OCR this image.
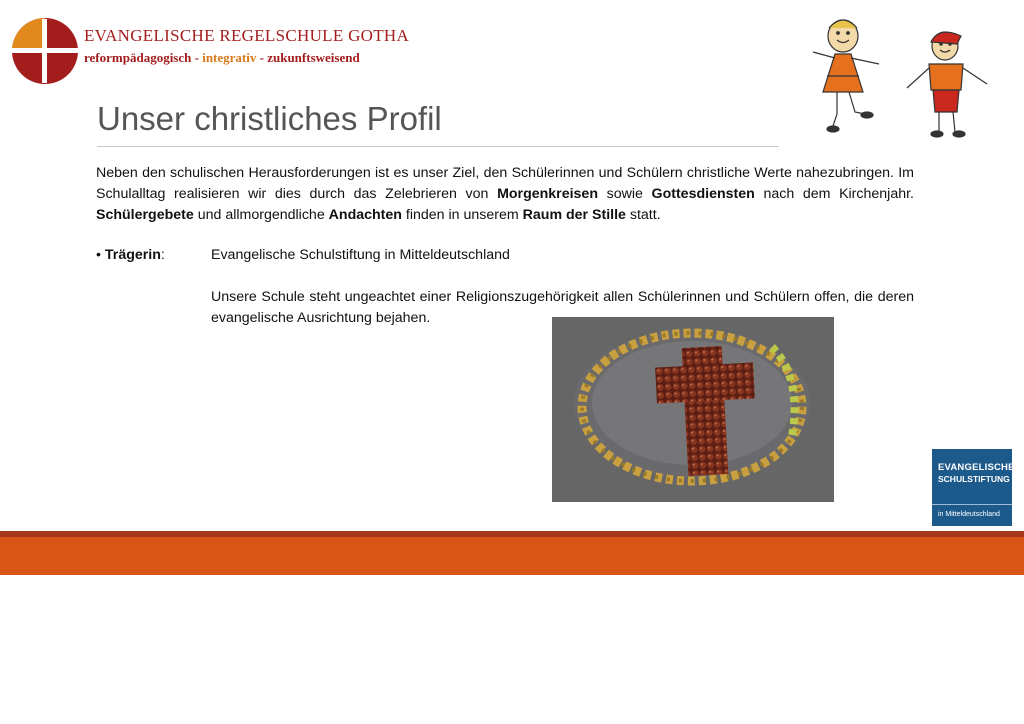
EVANGELISCHE REGELSCHULE GOTHA
reformpädagogisch - integrativ - zukunftsweisend
Unser christliches Profil
Neben den schulischen Herausforderungen ist es unser Ziel, den Schülerinnen und Schülern christliche Werte nahezubringen. Im Schulalltag realisieren wir dies durch das Zelebrieren von Morgenkreisen sowie Gottesdiensten nach dem Kirchenjahr. Schülergebete und allmorgendliche Andachten finden in unserem Raum der Stille statt.
• Trägerin:	Evangelische Schulstiftung in Mitteldeutschland
Unsere Schule steht ungeachtet einer Religionszugehörigkeit allen Schülerinnen und Schülern offen, die deren evangelische Ausrichtung bejahen.
EVANGELISCHE
SCHULSTIFTUNG
in Mitteldeutschland
